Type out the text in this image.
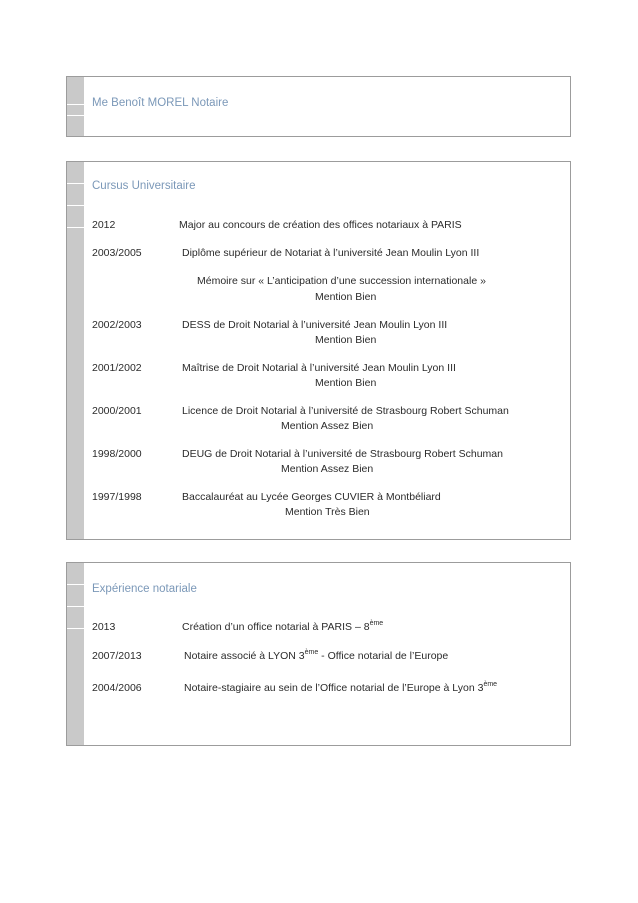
Me Benoît MOREL Notaire
Cursus Universitaire
2012	Major au concours de création des offices notariaux à PARIS
2003/2005	Diplôme supérieur de Notariat à l’université Jean Moulin Lyon III
Mémoire sur « L’anticipation d’une succession internationale »
Mention Bien
2002/2003	DESS de Droit Notarial à l’université Jean Moulin Lyon III
Mention Bien
2001/2002	Maîtrise de Droit Notarial à l’université Jean Moulin Lyon III
Mention Bien
2000/2001	Licence de Droit Notarial à l’université de Strasbourg Robert Schuman
Mention Assez Bien
1998/2000	DEUG de Droit Notarial à l’université de Strasbourg Robert Schuman
Mention Assez Bien
1997/1998	Baccalauréat au Lycée Georges CUVIER à Montbéliard
Mention Très Bien
Expérience notariale
2013	Création d’un office notarial à PARIS – 8ème
2007/2013	Notaire associé à LYON 3ème - Office notarial de l’Europe
2004/2006	Notaire-stagiaire au sein de l’Office notarial de l’Europe à Lyon 3ème
